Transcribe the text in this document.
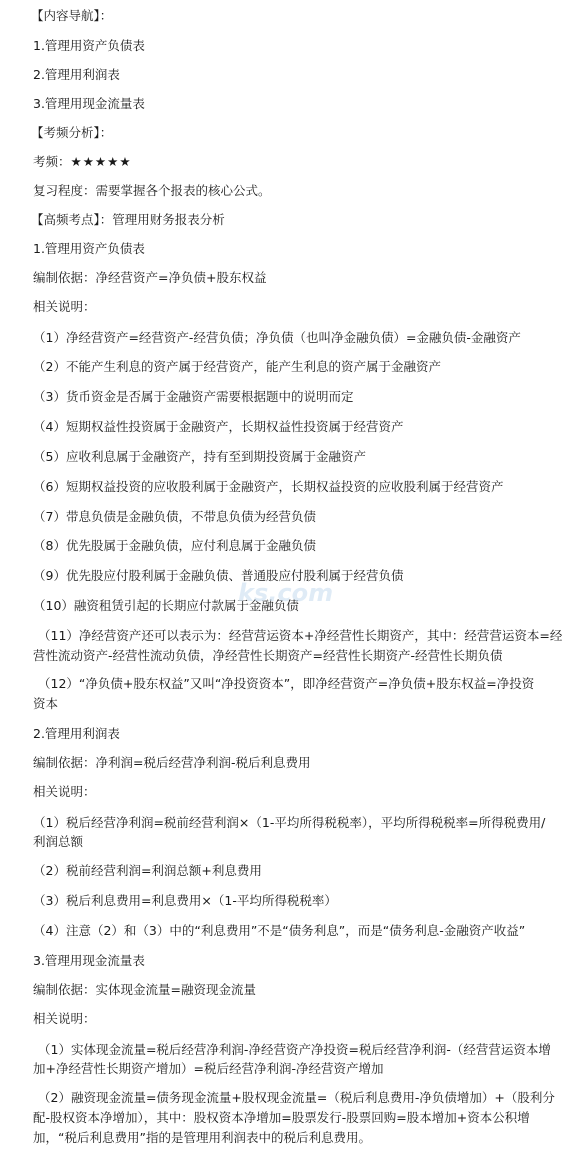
【内容导航】：
1.管理用资产负债表
2.管理用利润表
3.管理用现金流量表
【考频分析】：
考频：★★★★★
复习程度：需要掌握各个报表的核心公式。
【高频考点】：管理用财务报表分析
1.管理用资产负债表
编制依据：净经营资产=净负债+股东权益
相关说明：
（1）净经营资产=经营资产-经营负债；净负债（也叫净金融负债）=金融负债-金融资产
（2）不能产生利息的资产属于经营资产，能产生利息的资产属于金融资产
（3）货币资金是否属于金融资产需要根据题中的说明而定
（4）短期权益性投资属于金融资产，长期权益性投资属于经营资产
（5）应收利息属于金融资产，持有至到期投资属于金融资产
（6）短期权益投资的应收股利属于金融资产，长期权益投资的应收股利属于经营资产
（7）带息负债是金融负债，不带息负债为经营负债
（8）优先股属于金融负债，应付利息属于金融负债
（9）优先股应付股利属于金融负债、普通股应付股利属于经营负债
（10）融资租赁引起的长期应付款属于金融负债
ks.com
（11）净经营资产还可以表示为：经营营运资本+净经营性长期资产，其中：经营营运资本=经
营性流动资产-经营性流动负债，净经营性长期资产=经营性长期资产-经营性长期负债
（12）“净负债+股东权益”又叫“净投资资本”，即净经营资产=净负债+股东权益=净投资
资本
2.管理用利润表
编制依据：净利润=税后经营净利润-税后利息费用
相关说明：
（1）税后经营净利润=税前经营利润×（1-平均所得税税率），平均所得税税率=所得税费用/
利润总额
（2）税前经营利润=利润总额+利息费用
（3）税后利息费用=利息费用×（1-平均所得税税率）
（4）注意（2）和（3）中的“利息费用”不是“债务利息”，而是“债务利息-金融资产收益”
3.管理用现金流量表
编制依据：实体现金流量=融资现金流量
相关说明：
（1）实体现金流量=税后经营净利润-净经营资产净投资=税后经营净利润-（经营营运资本增
加+净经营性长期资产增加）=税后经营净利润-净经营资产增加
（2）融资现金流量=债务现金流量+股权现金流量=（税后利息费用-净负债增加）+（股利分
配-股权资本净增加），其中：股权资本净增加=股票发行-股票回购=股本增加+资本公积增
加，“税后利息费用”指的是管理用利润表中的税后利息费用。
